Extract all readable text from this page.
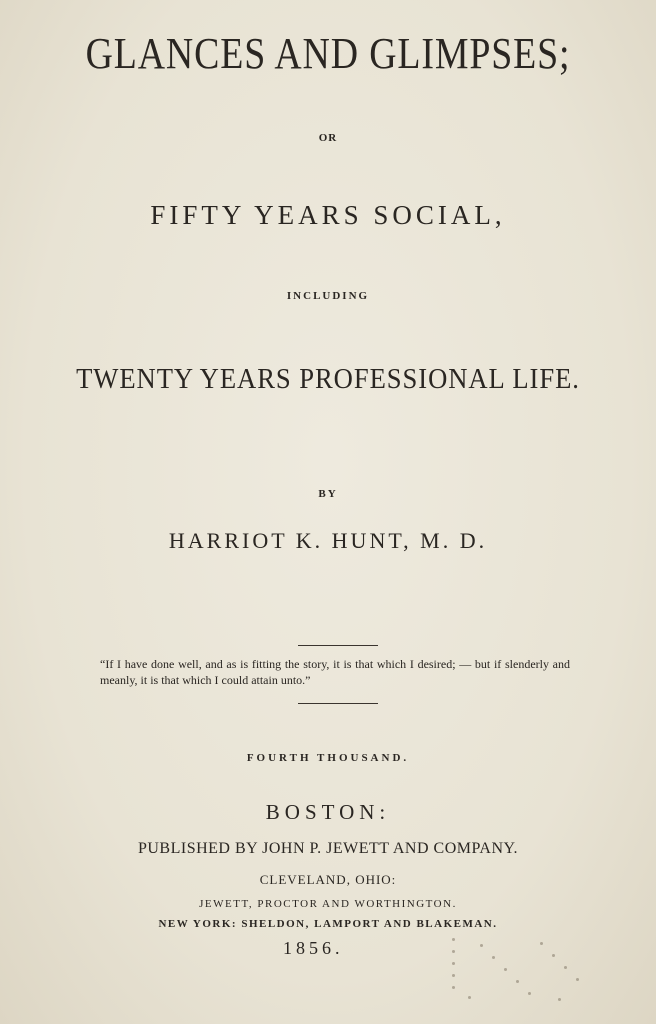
GLANCES AND GLIMPSES;
OR
FIFTY YEARS SOCIAL,
INCLUDING
TWENTY YEARS PROFESSIONAL LIFE.
BY
HARRIOT K. HUNT, M. D.
“If I have done well, and as is fitting the story, it is that which I desired; — but if slenderly and meanly, it is that which I could attain unto.”
FOURTH THOUSAND.
BOSTON:
PUBLISHED BY JOHN P. JEWETT AND COMPANY.
CLEVELAND, OHIO:
JEWETT, PROCTOR AND WORTHINGTON.
NEW YORK: SHELDON, LAMPORT AND BLAKEMAN.
1856.
